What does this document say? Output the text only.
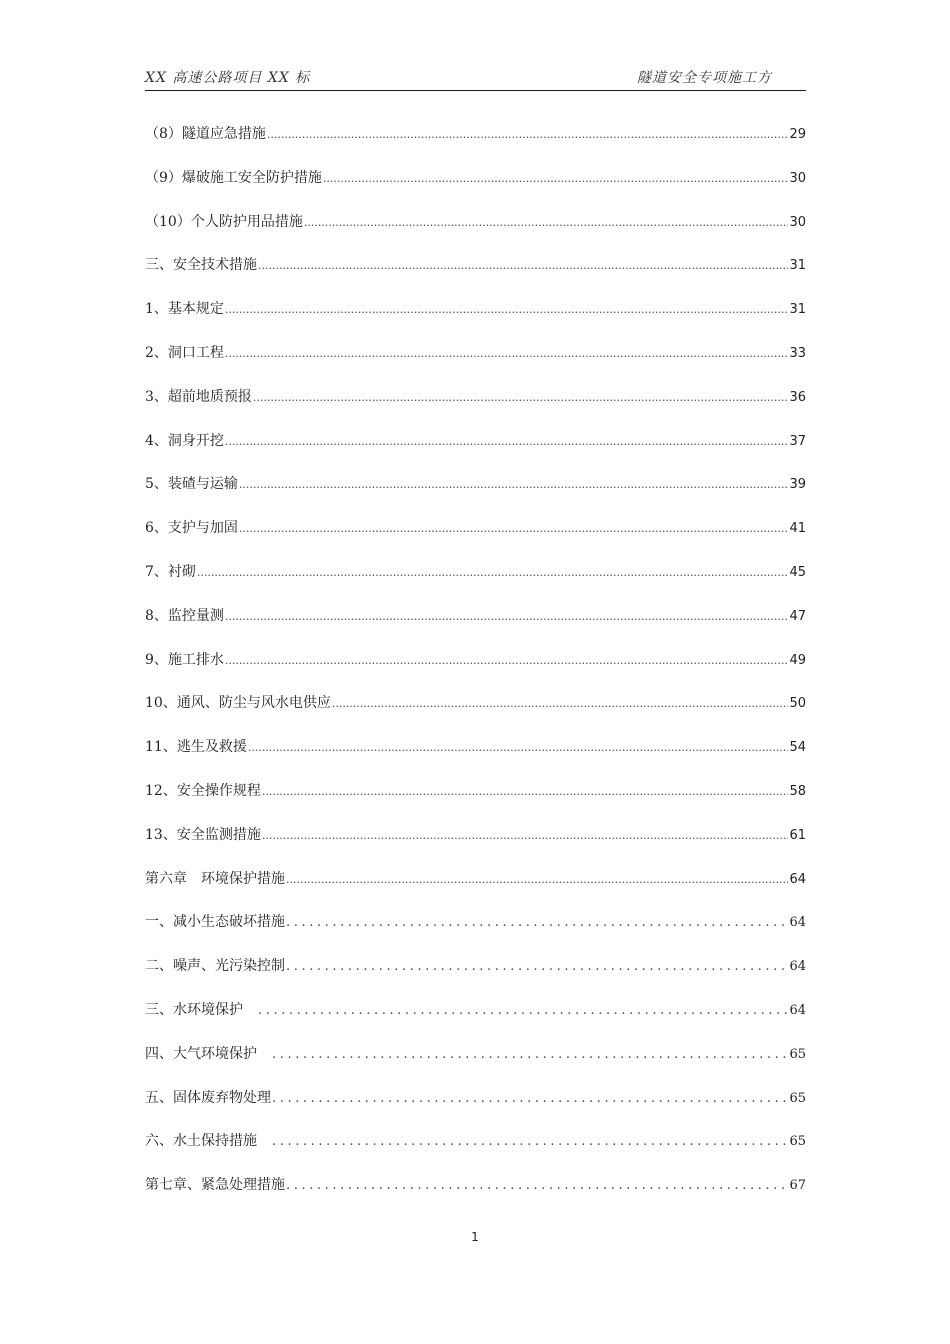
XX 高速公路项目 XX 标	隧道安全专项施工方
（8）隧道应急措施 .....	29
（9）爆破施工安全防护措施 .....	30
（10）个人防护用品措施 .....	30
三、安全技术措施 .....	31
1、基本规定 .....	31
2、洞口工程 .....	33
3、超前地质预报 .....	36
4、洞身开挖 .....	37
5、装碴与运输 .....	39
6、支护与加固 .....	41
7、衬砌 .....	45
8、监控量测 .....	47
9、施工排水 .....	49
10、通风、防尘与风水电供应 .....	50
11、逃生及救援 .....	54
12、安全操作规程 .....	58
13、安全监测措施 .....	61
第六章　环境保护措施 .....	64
一、减小生态破坏措施 .....	64
二、噪声、光污染控制 .....	64
三、水环境保护　 .....	64
四、大气环境保护　 .....	65
五、固体废弃物处理 .....	65
六、水土保持措施　 .....	65
第七章、紧急处理措施 .....	67
1
